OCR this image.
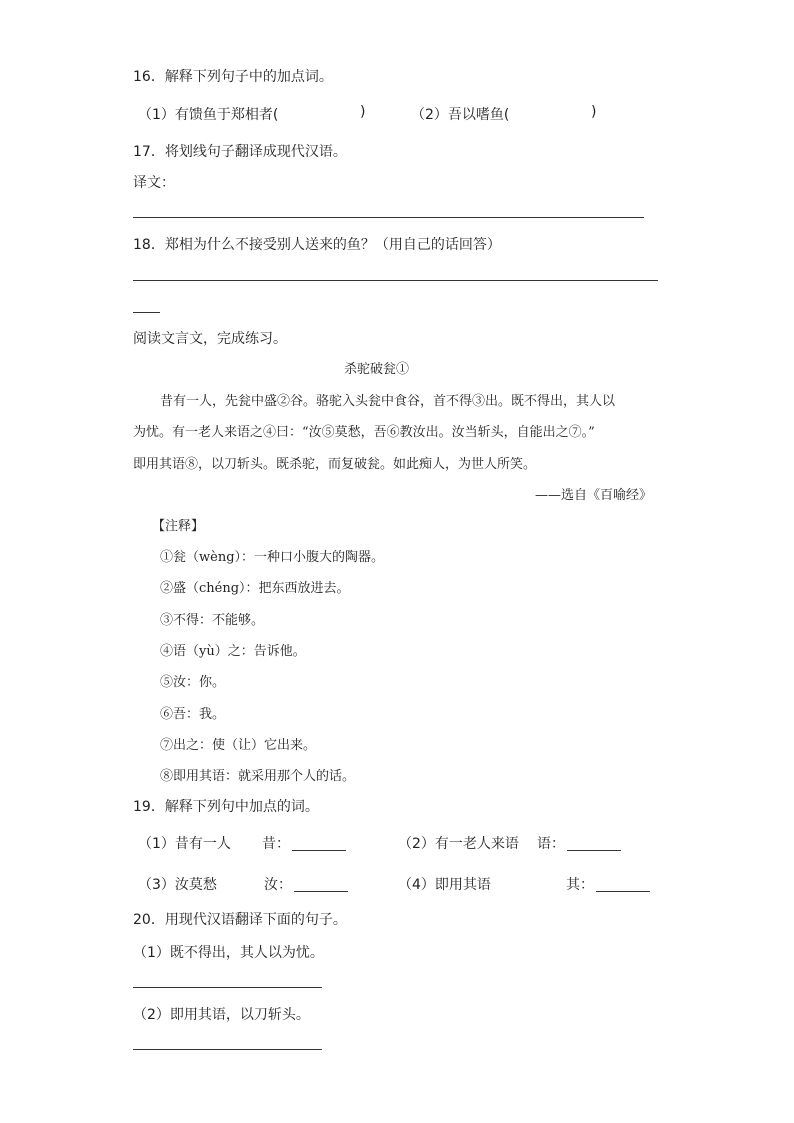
16．解释下列句子中的加点词。
（1）有馈鱼于郑相者(	)	（2）吾以嗜鱼(	)
17．将划线句子翻译成现代汉语。
译文：
18．郑相为什么不接受别人送来的鱼？（用自己的话回答）
阅读文言文，完成练习。
杀驼破瓮①
昔有一人，先瓮中盛②谷。骆驼入头瓮中食谷，首不得③出。既不得出，其人以
为忧。有一老人来语之④曰：“汝⑤莫愁，吾⑥教汝出。汝当斩头，自能出之⑦。”
即用其语⑧，以刀斩头。既杀驼，而复破瓮。如此痴人，为世人所笑。
——选自《百喻经》
【注释】
①瓮（wèng）：一种口小腹大的陶器。
②盛（chéng）：把东西放进去。
③不得：不能够。
④语（yù）之：告诉他。
⑤汝：你。
⑥吾：我。
⑦出之：使（让）它出来。
⑧即用其语：就采用那个人的话。
19．解释下列句中加点的词。
（1）昔有一人 昔：	（2）有一老人来语 语：
（3）汝莫愁	汝：	（4）即用其语	其：
20．用现代汉语翻译下面的句子。
（1）既不得出，其人以为忧。
（2）即用其语，以刀斩头。
